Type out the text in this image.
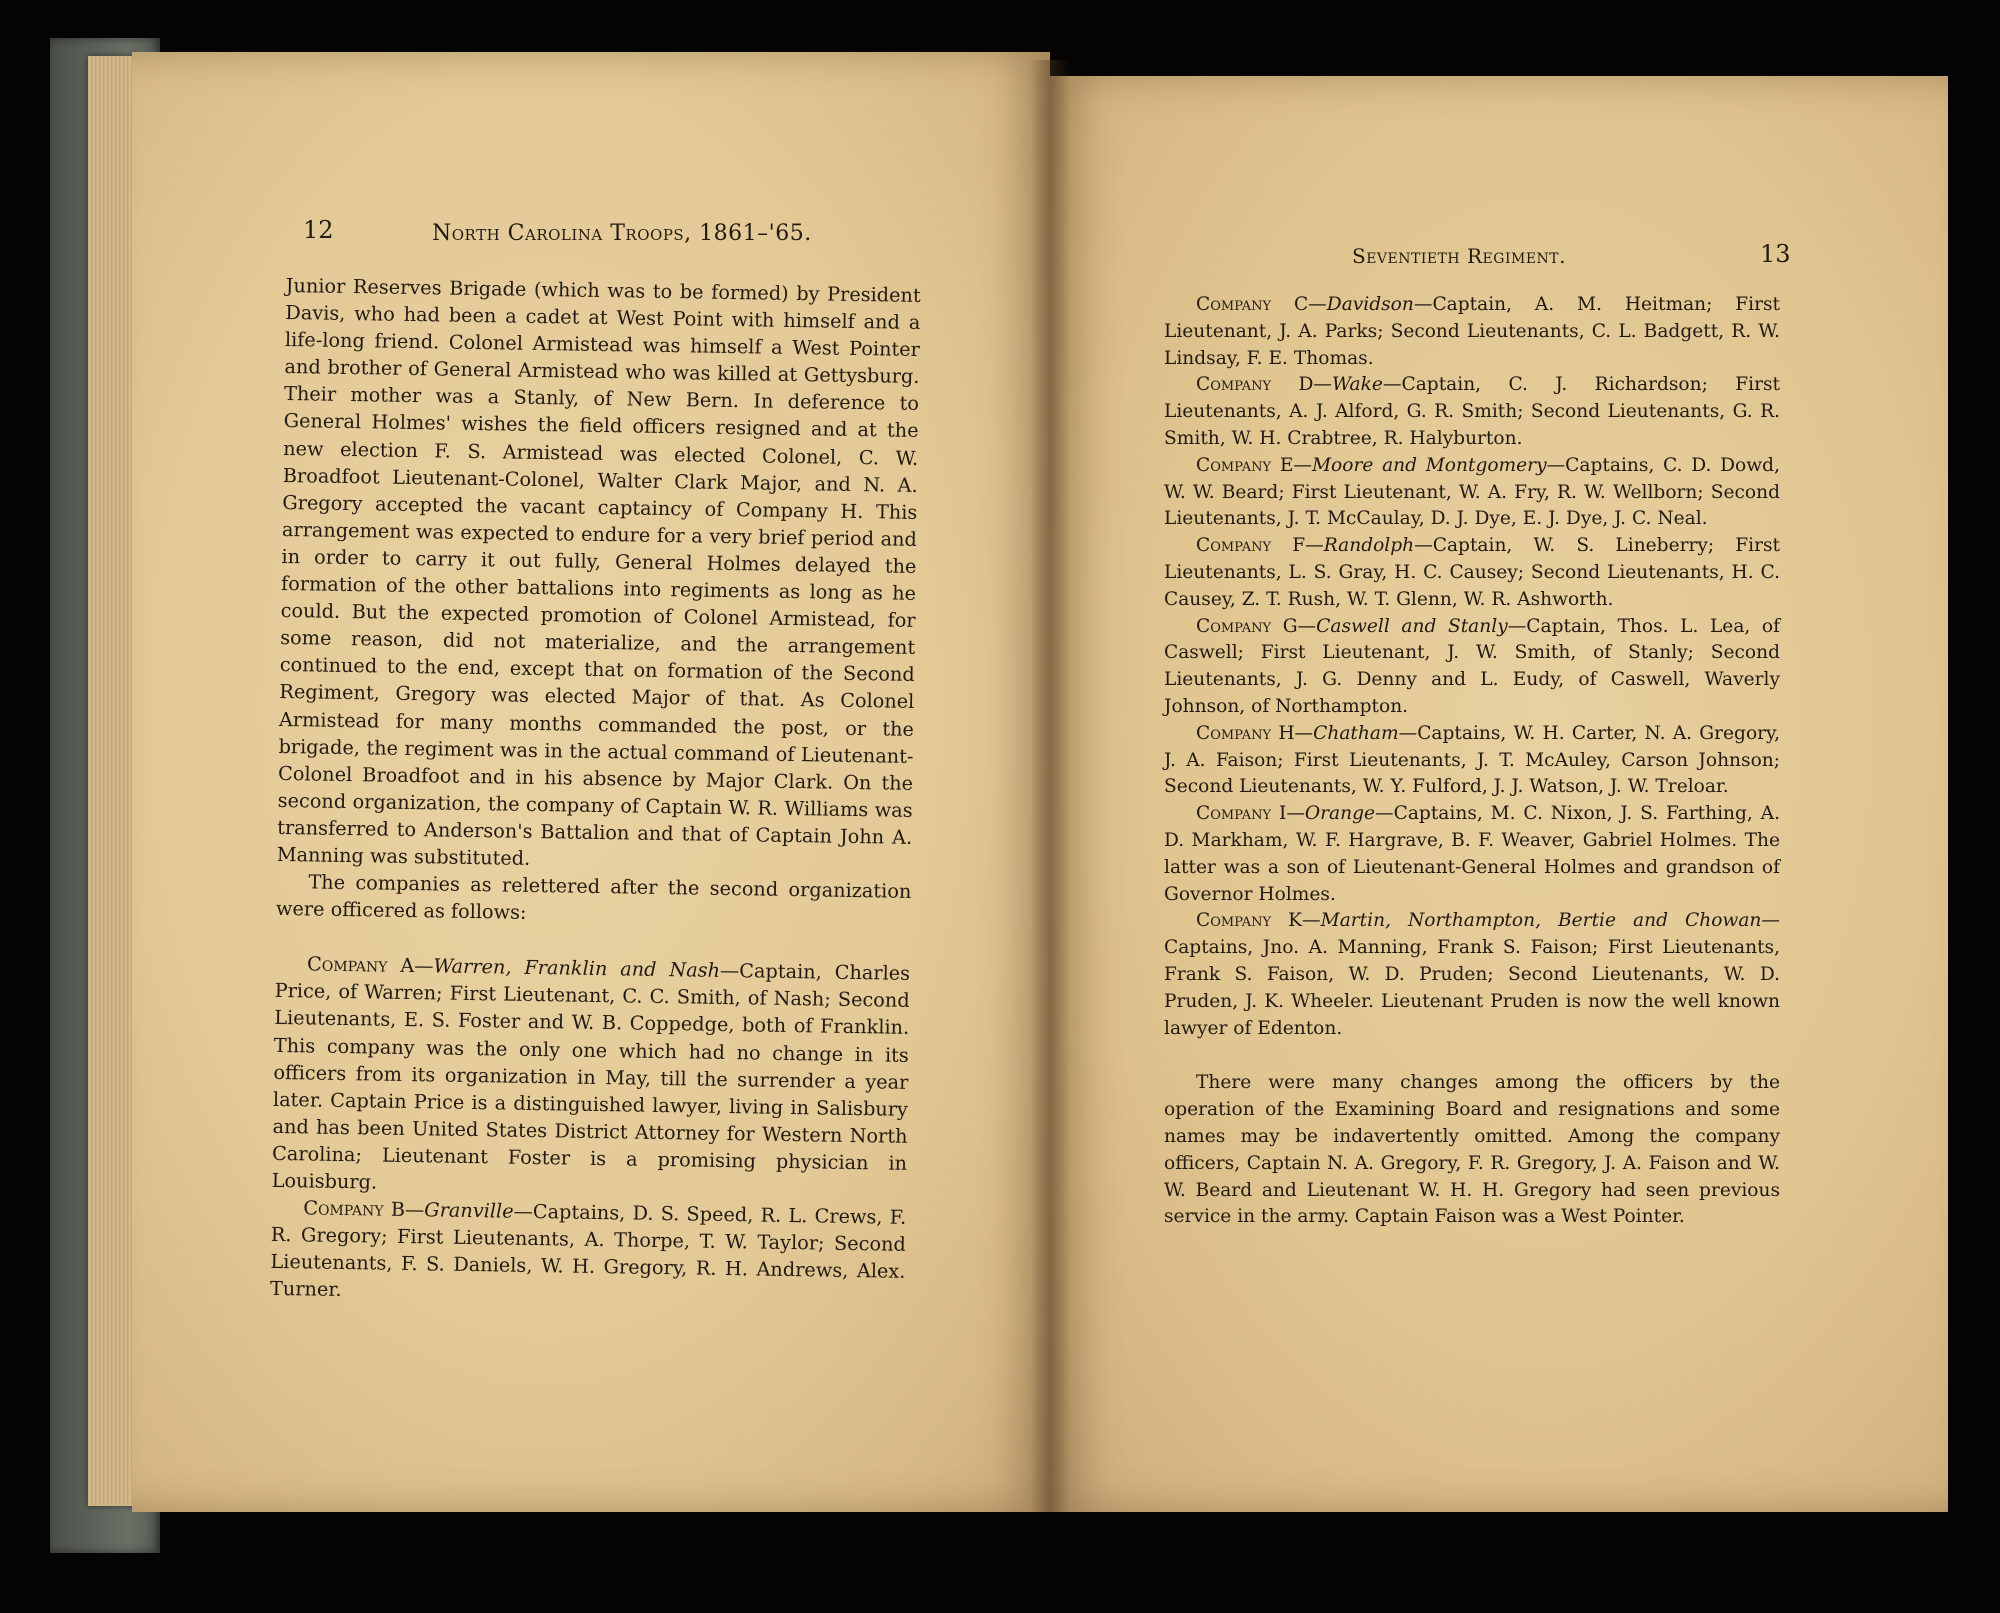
12	North Carolina Troops, 1861–'65.
Seventieth Regiment.	13

Junior Reserves Brigade (which was to be formed) by President Davis, who had been a cadet at West Point with himself and a life-long friend. Colonel Armistead was himself a West Pointer and brother of General Armistead who was killed at Gettysburg. Their mother was a Stanly, of New Bern. In deference to General Holmes' wishes the field officers resigned and at the new election F. S. Armistead was elected Colonel, C. W. Broadfoot Lieutenant-Colonel, Walter Clark Major, and N. A. Gregory accepted the vacant captaincy of Company H. This arrangement was expected to endure for a very brief period and in order to carry it out fully, General Holmes delayed the formation of the other battalions into regiments as long as he could. But the expected promotion of Colonel Armistead, for some reason, did not materialize, and the arrangement continued to the end, except that on formation of the Second Regiment, Gregory was elected Major of that. As Colonel Armistead for many months commanded the post, or the brigade, the regiment was in the actual command of Lieutenant-Colonel Broadfoot and in his absence by Major Clark. On the second organization, the company of Captain W. R. Williams was transferred to Anderson's Battalion and that of Captain John A. Manning was substituted.

The companies as relettered after the second organization were officered as follows:

Company A—Warren, Franklin and Nash—Captain, Charles Price, of Warren; First Lieutenant, C. C. Smith, of Nash; Second Lieutenants, E. S. Foster and W. B. Coppedge, both of Franklin. This company was the only one which had no change in its officers from its organization in May, till the surrender a year later. Captain Price is a distinguished lawyer, living in Salisbury and has been United States District Attorney for Western North Carolina; Lieutenant Foster is a promising physician in Louisburg.

Company B—Granville—Captains, D. S. Speed, R. L. Crews, F. R. Gregory; First Lieutenants, A. Thorpe, T. W. Taylor; Second Lieutenants, F. S. Daniels, W. H. Gregory, R. H. Andrews, Alex. Turner.

Company C—Davidson—Captain, A. M. Heitman; First Lieutenant, J. A. Parks; Second Lieutenants, C. L. Badgett, R. W. Lindsay, F. E. Thomas.

Company D—Wake—Captain, C. J. Richardson; First Lieutenants, A. J. Alford, G. R. Smith; Second Lieutenants, G. R. Smith, W. H. Crabtree, R. Halyburton.

Company E—Moore and Montgomery—Captains, C. D. Dowd, W. W. Beard; First Lieutenant, W. A. Fry, R. W. Wellborn; Second Lieutenants, J. T. McCaulay, D. J. Dye, E. J. Dye, J. C. Neal.

Company F—Randolph—Captain, W. S. Lineberry; First Lieutenants, L. S. Gray, H. C. Causey; Second Lieutenants, H. C. Causey, Z. T. Rush, W. T. Glenn, W. R. Ashworth.

Company G—Caswell and Stanly—Captain, Thos. L. Lea, of Caswell; First Lieutenant, J. W. Smith, of Stanly; Second Lieutenants, J. G. Denny and L. Eudy, of Caswell, Waverly Johnson, of Northampton.

Company H—Chatham—Captains, W. H. Carter, N. A. Gregory, J. A. Faison; First Lieutenants, J. T. McAuley, Carson Johnson; Second Lieutenants, W. Y. Fulford, J. J. Watson, J. W. Treloar.

Company I—Orange—Captains, M. C. Nixon, J. S. Farthing, A. D. Markham, W. F. Hargrave, B. F. Weaver, Gabriel Holmes. The latter was a son of Lieutenant-General Holmes and grandson of Governor Holmes.

Company K—Martin, Northampton, Bertie and Chowan—Captains, Jno. A. Manning, Frank S. Faison; First Lieutenants, Frank S. Faison, W. D. Pruden; Second Lieutenants, W. D. Pruden, J. K. Wheeler. Lieutenant Pruden is now the well known lawyer of Edenton.

There were many changes among the officers by the operation of the Examining Board and resignations and some names may be indavertently omitted. Among the company officers, Captain N. A. Gregory, F. R. Gregory, J. A. Faison and W. W. Beard and Lieutenant W. H. H. Gregory had seen previous service in the army. Captain Faison was a West Pointer.
